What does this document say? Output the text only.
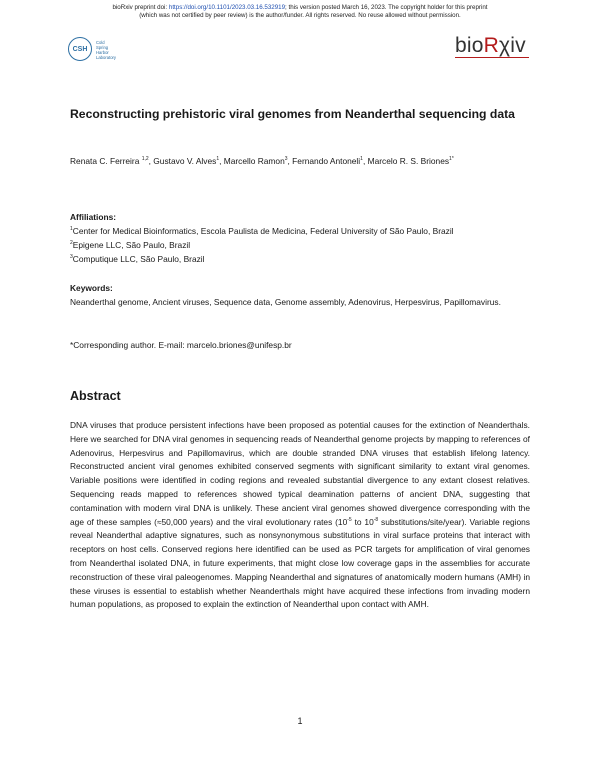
bioRxiv preprint doi: https://doi.org/10.1101/2023.03.16.532919; this version posted March 16, 2023. The copyright holder for this preprint
(which was not certified by peer review) is the author/funder. All rights reserved. No reuse allowed without permission.
CSH
Cold
Spring
Harbor
Laboratory
bioRχiv
Reconstructing prehistoric viral genomes from Neanderthal sequencing data
Renata C. Ferreira $^{1,2}$, Gustavo V. Alves$^1$, Marcello Ramon$^3$, Fernando Antoneli$^1$, Marcelo R. S. Briones$^{1*}$
Affiliations:
$^1$Center for Medical Bioinformatics, Escola Paulista de Medicina, Federal University of São Paulo, Brazil
$^2$Epigene LLC, São Paulo, Brazil
$^3$Computique LLC, São Paulo, Brazil
Keywords:
Neanderthal genome, Ancient viruses, Sequence data, Genome assembly, Adenovirus, Herpesvirus, Papillomavirus.
*Corresponding author. E-mail: marcelo.briones@unifesp.br
Abstract
DNA viruses that produce persistent infections have been proposed as potential causes for the extinction of Neanderthals. Here we searched for DNA viral genomes in sequencing reads of Neanderthal genome projects by mapping to references of Adenovirus, Herpesvirus and Papillomavirus, which are double stranded DNA viruses that establish lifelong latency. Reconstructed ancient viral genomes exhibited conserved segments with significant similarity to extant viral genomes. Variable positions were identified in coding regions and revealed substantial divergence to any extant closest relatives. Sequencing reads mapped to references showed typical deamination patterns of ancient DNA, suggesting that contamination with modern viral DNA is unlikely. These ancient viral genomes showed divergence corresponding with the age of these samples (≈50,000 years) and the viral evolutionary rates ($10^{-5}$ to $10^{-8}$ substitutions/site/year). Variable regions reveal Neanderthal adaptive signatures, such as nonsynonymous substitutions in viral surface proteins that interact with receptors on host cells. Conserved regions here identified can be used as PCR targets for amplification of viral genomes from Neanderthal isolated DNA, in future experiments, that might close low coverage gaps in the assemblies for accurate reconstruction of these viral paleogenomes. Mapping Neanderthal and signatures of anatomically modern humans (AMH) in these viruses is essential to establish whether Neanderthals might have acquired these infections from invading modern human populations, as proposed to explain the extinction of Neanderthal upon contact with AMH.
1
